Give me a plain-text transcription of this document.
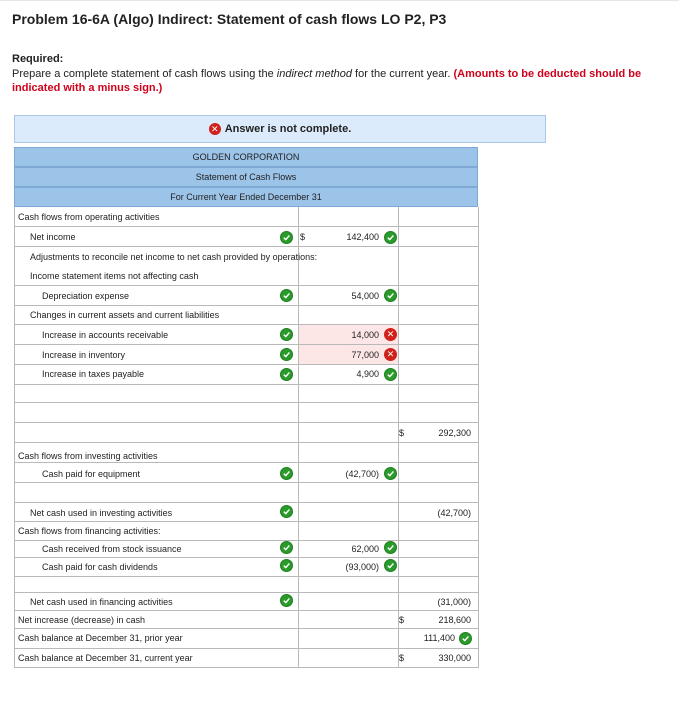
Problem 16-6A (Algo) Indirect: Statement of cash flows LO P2, P3
Required:
Prepare a complete statement of cash flows using the indirect method for the current year. (Amounts to be deducted should be indicated with a minus sign.)
✕ Answer is not complete.
GOLDEN CORPORATION
Statement of Cash Flows
For Current Year Ended December 31
Cash flows from operating activities
Net income	$	142,400
Adjustments to reconcile net income to net cash provided by operations:
Income statement items not affecting cash
Depreciation expense	54,000
Changes in current assets and current liabilities
Increase in accounts receivable	14,000 ✕
Increase in inventory	77,000 ✕
Increase in taxes payable	4,900
$	292,300
Cash flows from investing activities
Cash paid for equipment	(42,700)
Net cash used in investing activities	(42,700)
Cash flows from financing activities:
Cash received from stock issuance	62,000
Cash paid for cash dividends	(93,000)
Net cash used in financing activities	(31,000)
Net increase (decrease) in cash	$	218,600
Cash balance at December 31, prior year	111,400
Cash balance at December 31, current year	$	330,000
